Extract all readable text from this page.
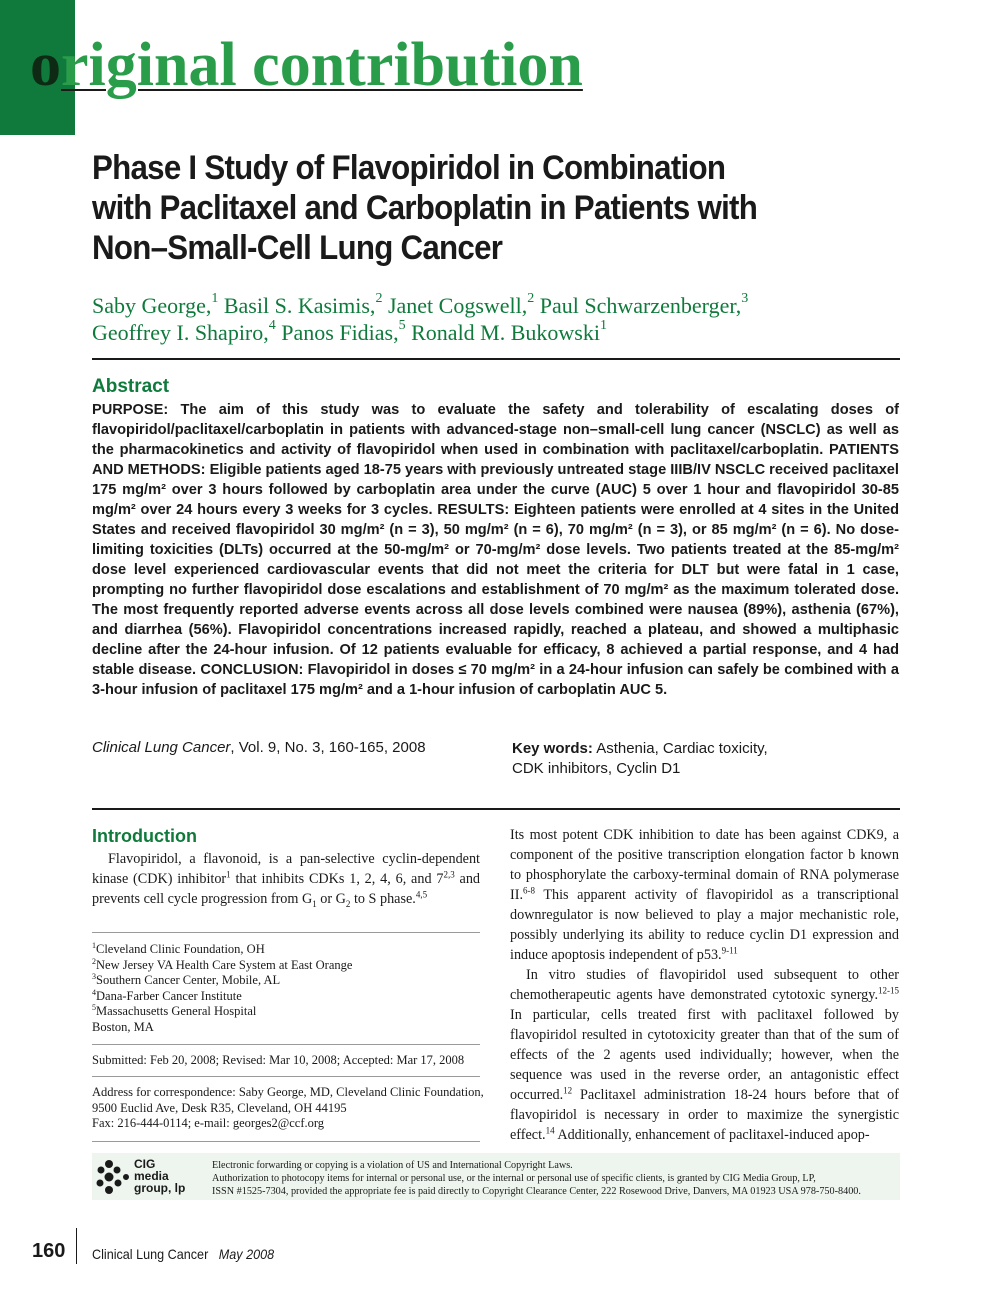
original contribution
Phase I Study of Flavopiridol in Combination with Paclitaxel and Carboplatin in Patients with Non–Small-Cell Lung Cancer
Saby George,$^1$ Basil S. Kasimis,$^2$ Janet Cogswell,$^2$ Paul Schwarzenberger,$^3$
Geoffrey I. Shapiro,$^4$ Panos Fidias,$^5$ Ronald M. Bukowski$^1$
Abstract
PURPOSE: The aim of this study was to evaluate the safety and tolerability of escalating doses of flavopiridol/paclitaxel/carboplatin in patients with advanced-stage non–small-cell lung cancer (NSCLC) as well as the pharmacokinetics and activity of flavopiridol when used in combination with paclitaxel/carboplatin. PATIENTS AND METHODS: Eligible patients aged 18-75 years with previously untreated stage IIIB/IV NSCLC received paclitaxel 175 mg/m² over 3 hours followed by carboplatin area under the curve (AUC) 5 over 1 hour and flavopiridol 30-85 mg/m² over 24 hours every 3 weeks for 3 cycles. RESULTS: Eighteen patients were enrolled at 4 sites in the United States and received flavopiridol 30 mg/m² (n = 3), 50 mg/m² (n = 6), 70 mg/m² (n = 3), or 85 mg/m² (n = 6). No dose-limiting toxicities (DLTs) occurred at the 50-mg/m² or 70-mg/m² dose levels. Two patients treated at the 85-mg/m² dose level experienced cardiovascular events that did not meet the criteria for DLT but were fatal in 1 case, prompting no further flavopiridol dose escalations and establishment of 70 mg/m² as the maximum tolerated dose. The most frequently reported adverse events across all dose levels combined were nausea (89%), asthenia (67%), and diarrhea (56%). Flavopiridol concentrations increased rapidly, reached a plateau, and showed a multiphasic decline after the 24-hour infusion. Of 12 patients evaluable for efficacy, 8 achieved a partial response, and 4 had stable disease. CONCLUSION: Flavopiridol in doses ≤ 70 mg/m² in a 24-hour infusion can safely be combined with a 3-hour infusion of paclitaxel 175 mg/m² and a 1-hour infusion of carboplatin AUC 5.
Clinical Lung Cancer, Vol. 9, No. 3, 160-165, 2008	Key words: Asthenia, Cardiac toxicity,
CDK inhibitors, Cyclin D1
Introduction

Flavopiridol, a flavonoid, is a pan-selective cyclin-dependent kinase (CDK) inhibitor$^1$ that inhibits CDKs 1, 2, 4, 6, and 7$^{2,3}$ and prevents cell cycle progression from $G_1$ or $G_2$ to S phase.$^{4,5}$

$^1$Cleveland Clinic Foundation, OH
$^2$New Jersey VA Health Care System at East Orange
$^3$Southern Cancer Center, Mobile, AL
$^4$Dana-Farber Cancer Institute
$^5$Massachusetts General Hospital
Boston, MA
Submitted: Feb 20, 2008; Revised: Mar 10, 2008; Accepted: Mar 17, 2008
Address for correspondence: Saby George, MD, Cleveland Clinic Foundation,
9500 Euclid Ave, Desk R35, Cleveland, OH 44195
Fax: 216-444-0114; e-mail: georges2@ccf.org

Its most potent CDK inhibition to date has been against CDK9, a component of the positive transcription elongation factor b known to phosphorylate the carboxy-terminal domain of RNA polymerase II.$^{6-8}$ This apparent activity of flavopiridol as a transcriptional downregulator is now believed to play a major mechanistic role, possibly underlying its ability to reduce cyclin D1 expression and induce apoptosis independent of p53.$^{9-11}$

In vitro studies of flavopiridol used subsequent to other chemotherapeutic agents have demonstrated cytotoxic synergy.$^{12-15}$ In particular, cells treated first with paclitaxel followed by flavopiridol resulted in cytotoxicity greater than that of the sum of effects of the 2 agents used individually; however, when the sequence was used in the reverse order, an antagonistic effect occurred.$^{12}$ Paclitaxel administration 18-24 hours before that of flavopiridol is necessary in order to maximize the synergistic effect.$^{14}$ Additionally, enhancement of paclitaxel-induced apop-

CIG
media
group, lp
Electronic forwarding or copying is a violation of US and International Copyright Laws.
Authorization to photocopy items for internal or personal use, or the internal or personal use of specific clients, is granted by CIG Media Group, LP,
ISSN #1525-7304, provided the appropriate fee is paid directly to Copyright Clearance Center, 222 Rosewood Drive, Danvers, MA 01923 USA 978-750-8400.
160 Clinical Lung Cancer May 2008
